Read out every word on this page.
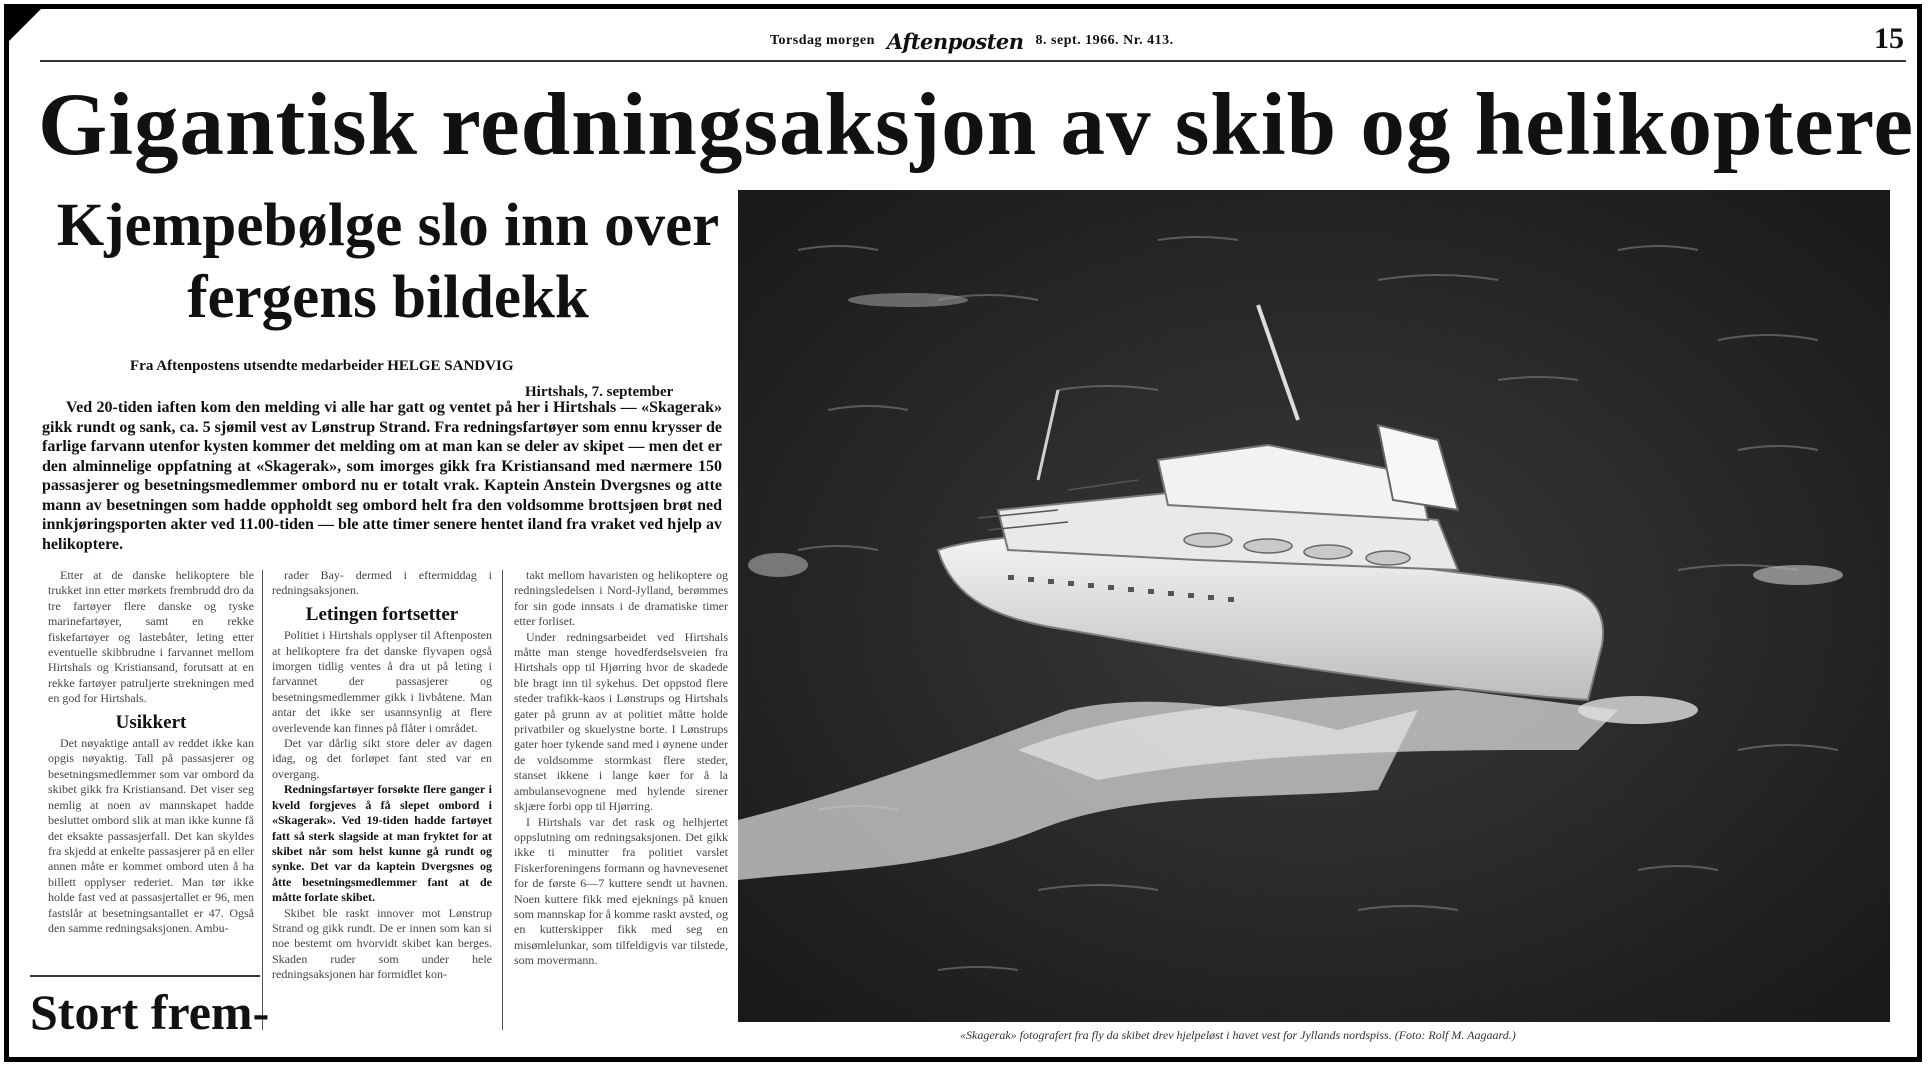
Torsdag morgen Aftenposten 8. sept. 1966. Nr. 413.	15
Gigantisk redningsaksjon av skib og helikoptere
Kjempebølge slo inn over fergens bildekk
Fra Aftenpostens utsendte medarbeider HELGE SANDVIG
Hirtshals, 7. september
Ved 20-tiden iaften kom den melding vi alle har gatt og ventet på her i Hirtshals — «Skagerak» gikk rundt og sank, ca. 5 sjømil vest av Lønstrup Strand. Fra redningsfartøyer som ennu krysser de farlige farvann utenfor kysten kommer det melding om at man kan se deler av skipet — men det er den alminnelige oppfatning at «Skagerak», som imorges gikk fra Kristiansand med nærmere 150 passasjerer og besetningsmedlemmer ombord nu er totalt vrak. Kaptein Anstein Dvergsnes og atte mann av besetningen som hadde oppholdt seg ombord helt fra den voldsomme brottsjøen brøt ned innkjøringsporten akter ved 11.00-tiden — ble atte timer senere hentet iland fra vraket ved hjelp av helikoptere.

Etter at de danske helikoptere ble trukket inn etter mørkets frembrudd dro da tre fartøyer flere danske og tyske marinefartøyer, samt en rekke fiskefartøyer og lastebåter, leting etter eventuelle skibbrudne i farvannet mellom Hirtshals og Kristiansand, forutsatt at en rekke fartøyer patruljerte strekningen med en god for Hirtshals.

Usikkert

Det nøyaktige antall av reddet ikke kan opgis nøyaktig. Tall på passasjerer og besetningsmedlemmer som var ombord da skibet gikk fra Kristiansand. Det viser seg nemlig at noen av mannskapet hadde besluttet ombord slik at man ikke kunne få det eksakte passasjerfall. Det kan skyldes fra skjedd at enkelte passasjerer på en eller annen måte er kommet ombord uten å ha billett opplyser rederiet. Man tør ikke holde fast ved at passasjertallet er 96, men fastslår at besetningsantallet er 47. Også den samme redningsaksjonen. Ambu-

rader Bay- dermed i eftermiddag i redningsaksjonen.

Letingen fortsetter

Politiet i Hirtshals opplyser til Aftenposten at helikoptere fra det danske flyvapen også imorgen tidlig ventes å dra ut på leting i farvannet der passasjerer og besetningsmedlemmer gikk i livbåtene. Man antar det ikke ser usannsynlig at flere overlevende kan finnes på flåter i området.

Det var dårlig sikt store deler av dagen idag, og det forløpet fant sted var en overgang.

Redningsfartøyer forsøkte flere ganger i kveld forgjeves å få slepet ombord i «Skagerak». Ved 19-tiden hadde fartøyet fatt så sterk slagside at man fryktet for at skibet når som helst kunne gå rundt og synke. Det var da kaptein Dvergsnes og åtte besetningsmedlemmer fant at de måtte forlate skibet.

Skibet ble raskt innover mot Lønstrup Strand og gikk rundt. De er innen som kan si noe bestemt om hvorvidt skibet kan berges. Skaden ruder som under hele redningsaksjonen har formidlet kon-

takt mellom havaristen og helikoptere og redningsledelsen i Nord-Jylland, berømmes for sin gode innsats i de dramatiske timer etter forliset.

Under redningsarbeidet ved Hirtshals måtte man stenge hovedferdselsveien fra Hirtshals opp til Hjørring hvor de skadede ble bragt inn til sykehus. Det oppstod flere steder trafikk-kaos i Lønstrups og Hirtshals gater på grunn av at politiet måtte holde privatbiler og skuelystne borte. I Lønstrups gater hoer tykende sand med i øynene under de voldsomme stormkast flere steder, stanset ikkene i lange køer for å la ambulansevognene med hylende sirener skjære forbi opp til Hjørring.

I Hirtshals var det rask og helhjertet oppslutning om redningsaksjonen. Det gikk ikke ti minutter fra politiet varslet Fiskerforeningens formann og havnevesenet for de første 6—7 kuttere sendt ut havnen. Noen kuttere fikk med ejeknings på knuen som mannskap for å komme raskt avsted, og en kutterskipper fikk med seg en misømlelunkar, som tilfeldigvis var tilstede, som movermann.

Stort frem-	«Skagerak» fotografert fra fly da skibet drev hjelpeløst i havet vest for Jyllands nordspiss. (Foto: Rolf M. Aagaard.)
